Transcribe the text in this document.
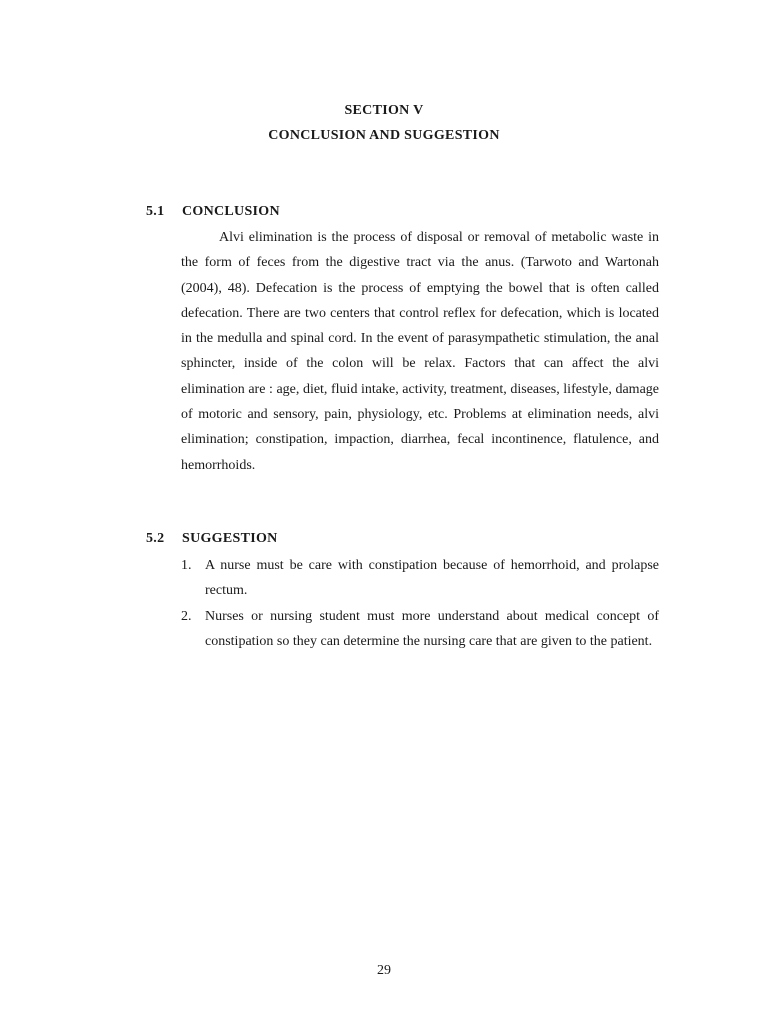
SECTION V
CONCLUSION AND SUGGESTION
5.1	CONCLUSION

Alvi elimination is the process of disposal or removal of metabolic waste in the form of feces from the digestive tract via the anus. (Tarwoto and Wartonah (2004), 48). Defecation is the process of emptying the bowel that is often called defecation. There are two centers that control reflex for defecation, which is located in the medulla and spinal cord. In the event of parasympathetic stimulation, the anal sphincter, inside of the colon will be relax. Factors that can affect the alvi elimination are : age, diet, fluid intake, activity, treatment, diseases, lifestyle, damage of motoric and sensory, pain, physiology, etc. Problems at elimination needs, alvi elimination; constipation, impaction, diarrhea, fecal incontinence, flatulence, and hemorrhoids.

5.2	SUGGESTION
1. A nurse must be care with constipation because of hemorrhoid, and prolapse rectum.
2. Nurses or nursing student must more understand about medical concept of constipation so they can determine the nursing care that are given to the patient.
29
